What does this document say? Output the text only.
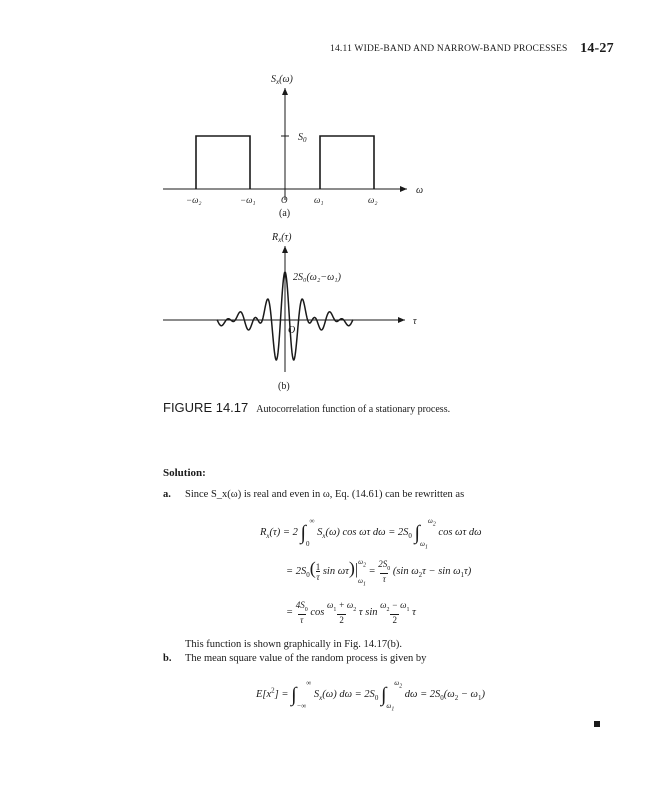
14.11 WIDE-BAND AND NARROW-BAND PROCESSES 14-27
$S_0$
$S_x(\omega)$
ω
−ω₂	−ω₁	O	ω₁	ω₂
(a)
$R_x(\tau)$
2S₀(ω₂−ω₁)
τ
O
(b)
FIGURE 14.17 Autocorrelation function of a stationary process.
Solution:
a. Since S_x(ω) is real and even in ω, Eq. (14.61) can be rewritten as
$R_x(\tau) = 2$ $\int_0^\infty$ $S_x(\omega)$ cos ωτ $d\omega = 2S_0$ $\int_{\omega_1}^{\omega_2}$ cos ωτ dω
= $2S_0(\frac{1}{\tau}$ $\sin \omega\tau)|^{\omega_2}_{\omega_1} = 2S_0$
τ  (sin $\omega_2\tau - \sin \omega_1\tau$)
= $4S_0$
τ  $\cos \omega_1 + \omega_2$
2  τ $\sin \omega_2 - \omega_1$
2  τ
This function is shown graphically in Fig. 14.17(b).
b. The mean square value of the random process is given by
$E[x^2] = \int_{-\infty}^\infty$ $S_x(\omega) d\omega = 2S_0$ $\int_{\omega_1}^{\omega_2}$ $d\omega = 2S_0(\omega_2 - \omega_1)$
